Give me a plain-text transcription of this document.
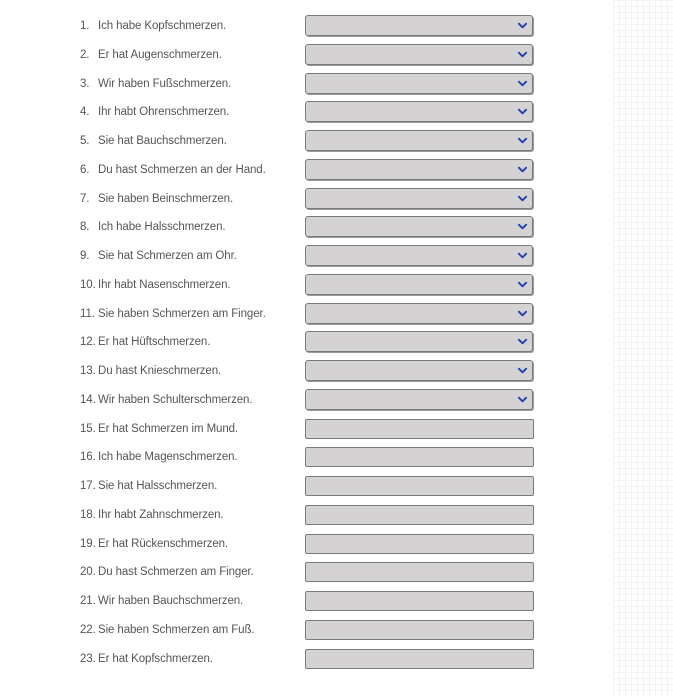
1. Ich habe Kopfschmerzen.
2. Er hat Augenschmerzen.
3. Wir haben Fußschmerzen.
4. Ihr habt Ohrenschmerzen.
5. Sie hat Bauchschmerzen.
6. Du hast Schmerzen an der Hand.
7. Sie haben Beinschmerzen.
8. Ich habe Halsschmerzen.
9. Sie hat Schmerzen am Ohr.
10. Ihr habt Nasenschmerzen.
11. Sie haben Schmerzen am Finger.
12. Er hat Hüftschmerzen.
13. Du hast Knieschmerzen.
14. Wir haben Schulterschmerzen.
15. Er hat Schmerzen im Mund.
16. Ich habe Magenschmerzen.
17. Sie hat Halsschmerzen.
18. Ihr habt Zahnschmerzen.
19. Er hat Rückenschmerzen.
20. Du hast Schmerzen am Finger.
21. Wir haben Bauchschmerzen.
22. Sie haben Schmerzen am Fuß.
23. Er hat Kopfschmerzen.
